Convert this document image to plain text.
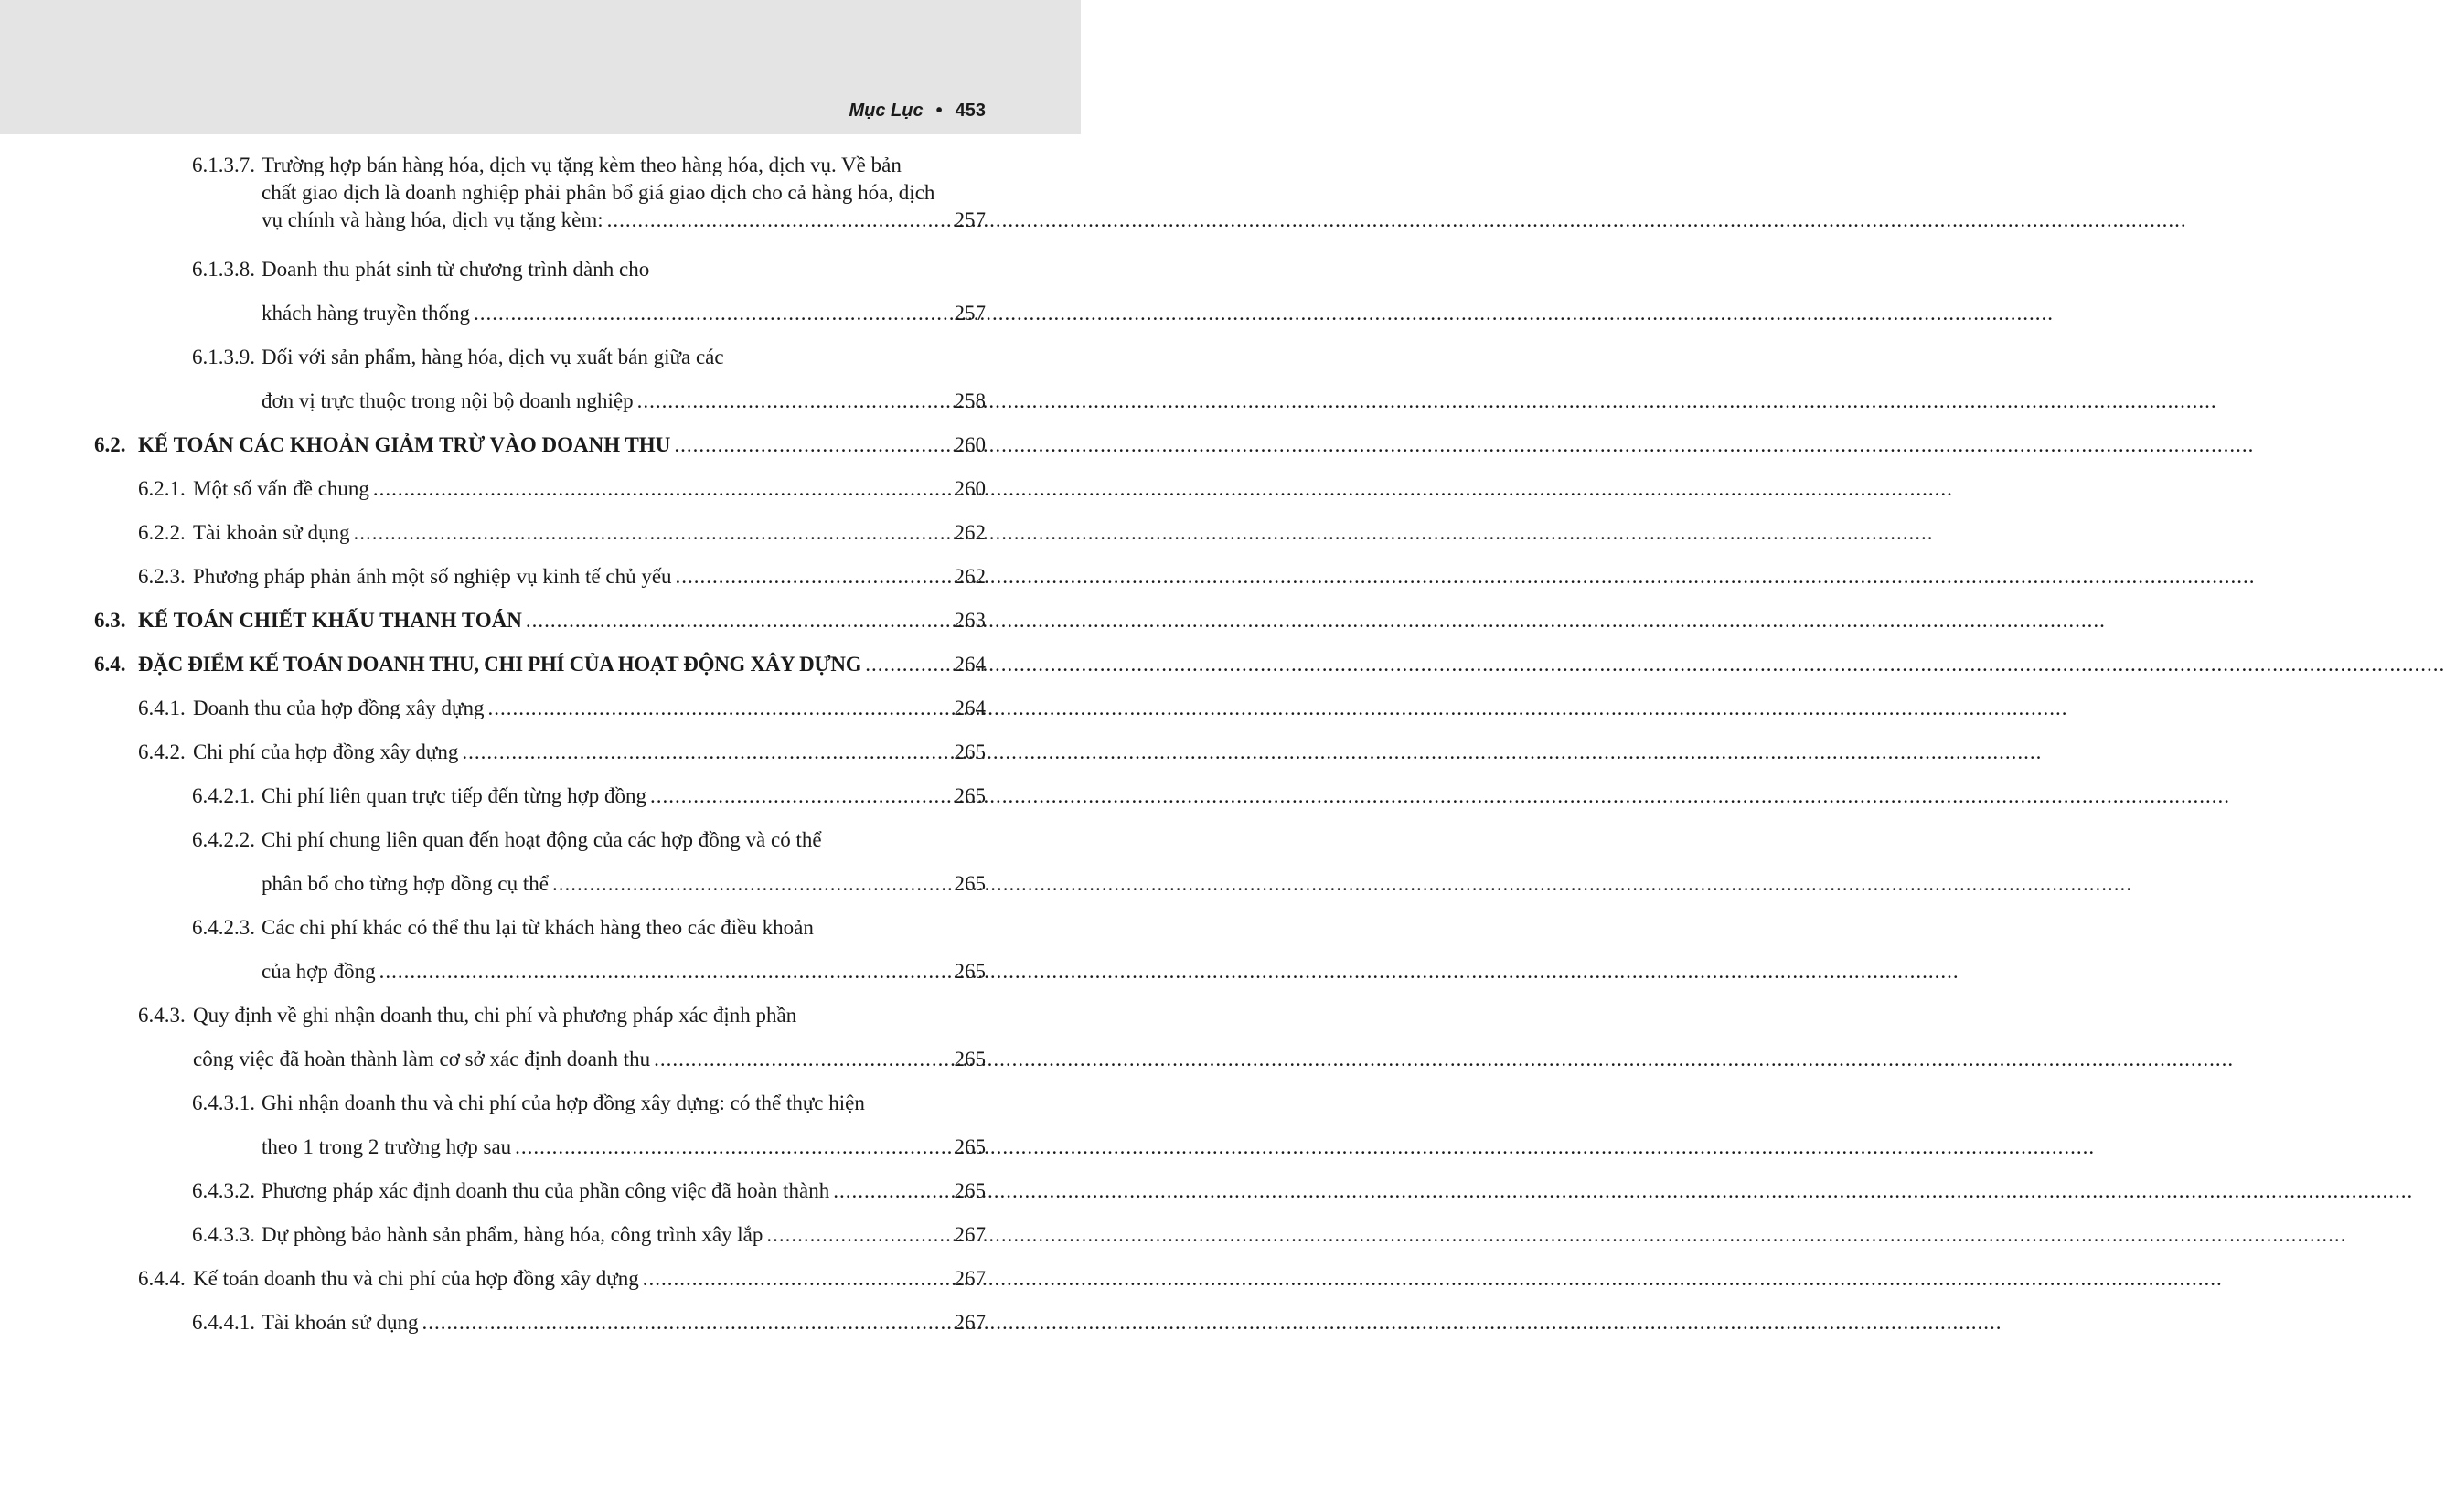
Mục Lục • 453
6.1.3.7. Trường hợp bán hàng hóa, dịch vụ tặng kèm theo hàng hóa, dịch vụ. Về bản
chất giao dịch là doanh nghiệp phải phân bổ giá giao dịch cho cả hàng hóa, dịch
vụ chính và hàng hóa, dịch vụ tặng kèm: .....	257
6.1.3.8. Doanh thu phát sinh từ chương trình dành cho
khách hàng truyền thống .....	257
6.1.3.9. Đối với sản phẩm, hàng hóa, dịch vụ xuất bán giữa các
đơn vị trực thuộc trong nội bộ doanh nghiệp .....	258
6.2. KẾ TOÁN CÁC KHOẢN GIẢM TRỪ VÀO DOANH THU .....	260
6.2.1. Một số vấn đề chung .....	260
6.2.2. Tài khoản sử dụng .....	262
6.2.3. Phương pháp phản ánh một số nghiệp vụ kinh tế chủ yếu .....	262
6.3. KẾ TOÁN CHIẾT KHẤU THANH TOÁN .....	263
6.4. ĐẶC ĐIỂM KẾ TOÁN DOANH THU, CHI PHÍ CỦA HOẠT ĐỘNG XÂY DỰNG .....	264
6.4.1. Doanh thu của hợp đồng xây dựng .....	264
6.4.2. Chi phí của hợp đồng xây dựng .....	265
6.4.2.1. Chi phí liên quan trực tiếp đến từng hợp đồng .....	265
6.4.2.2. Chi phí chung liên quan đến hoạt động của các hợp đồng và có thể
phân bổ cho từng hợp đồng cụ thể .....	265
6.4.2.3. Các chi phí khác có thể thu lại từ khách hàng theo các điều khoản
của hợp đồng .....	265
6.4.3. Quy định về ghi nhận doanh thu, chi phí và phương pháp xác định phần
công việc đã hoàn thành làm cơ sở xác định doanh thu .....	265
6.4.3.1. Ghi nhận doanh thu và chi phí của hợp đồng xây dựng: có thể thực hiện
theo 1 trong 2 trường hợp sau .....	265
6.4.3.2. Phương pháp xác định doanh thu của phần công việc đã hoàn thành .....	265
6.4.3.3. Dự phòng bảo hành sản phẩm, hàng hóa, công trình xây lắp .....	267
6.4.4. Kế toán doanh thu và chi phí của hợp đồng xây dựng .....	267
6.4.4.1. Tài khoản sử dụng .....	267
